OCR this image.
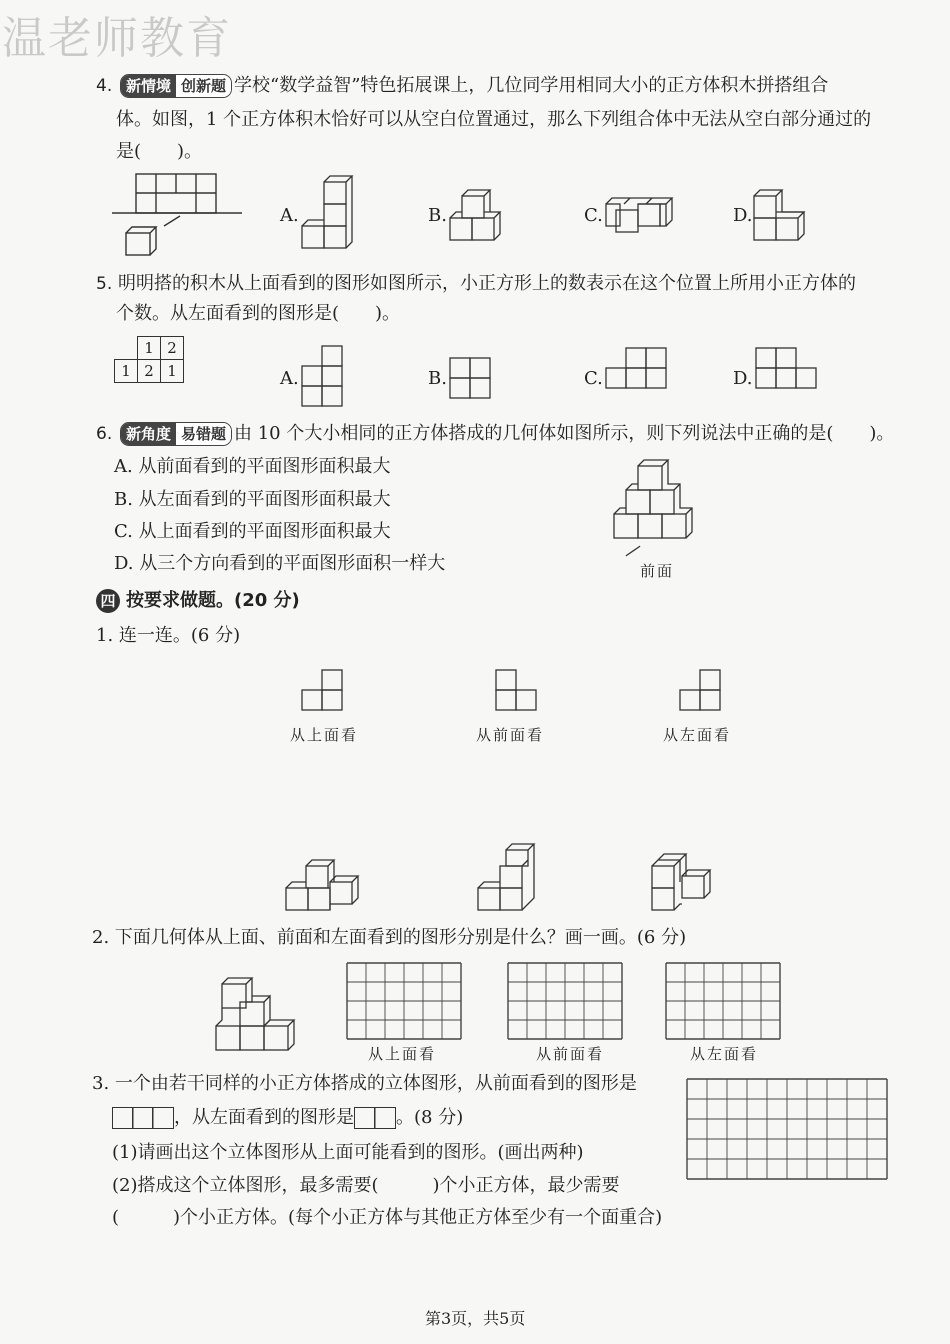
温老师教育
4. 新情境 创新题 学校“数学益智”特色拓展课上，几位同学用相同大小的正方体积木拼搭组合
体。如图，1 个正方体积木恰好可以从空白位置通过，那么下列组合体中无法从空白部分通过的
是(　　)。
A.	B.	C.	D.
5. 明明搭的积木从上面看到的图形如图所示，小正方形上的数表示在这个位置上所用小正方体的
个数。从左面看到的图形是(　　)。
	1	2
1	2	1	A.	B.	C.	D.
6. 新角度 易错题 由 10 个大小相同的正方体搭成的几何体如图所示，则下列说法中正确的是(　　)。
A. 从前面看到的平面图形面积最大
B. 从左面看到的平面图形面积最大
C. 从上面看到的平面图形面积最大
D. 从三个方向看到的平面图形面积一样大	前面
四 按要求做题。(20 分)
1. 连一连。(6 分)
从上面看	从前面看	从左面看
2. 下面几何体从上面、前面和左面看到的图形分别是什么？画一画。(6 分)
从上面看	从前面看	从左面看
3. 一个由若干同样的小正方体搭成的立体图形，从前面看到的图形是
，从左面看到的图形是 。(8 分)
(1)请画出这个立体图形从上面可能看到的图形。(画出两种)
(2)搭成这个立体图形，最多需要(　　　)个小正方体，最少需要
(　　　)个小正方体。(每个小正方体与其他正方体至少有一个面重合)
第3页，共5页
